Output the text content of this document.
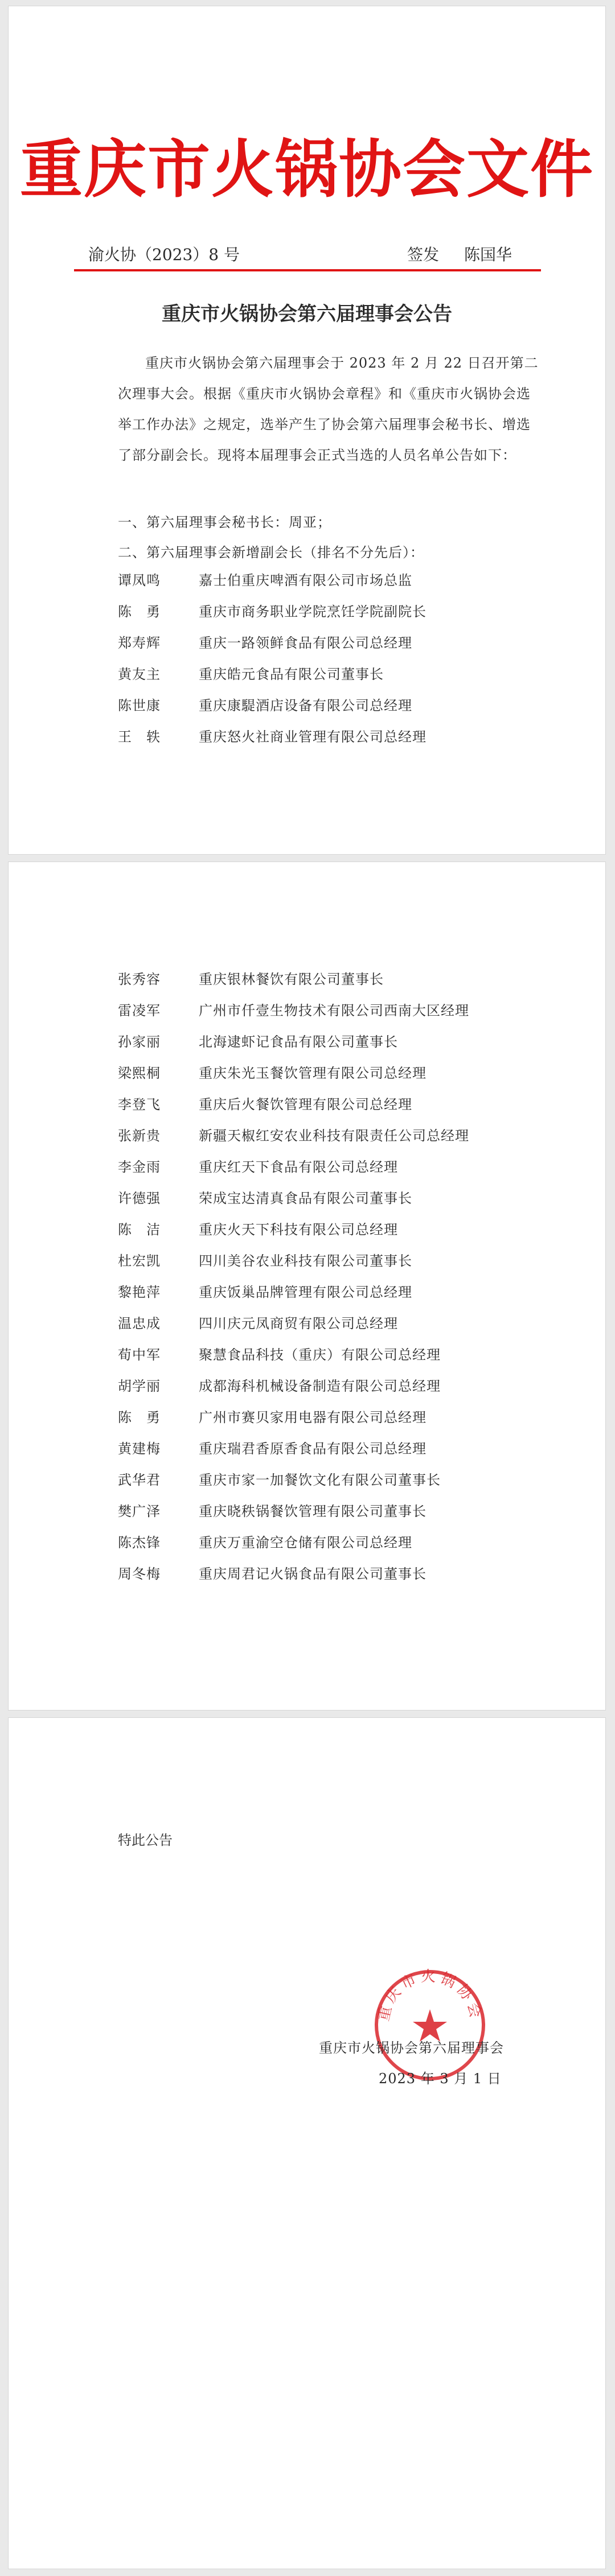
重庆市火锅协会文件
渝火协（2023）8 号	签发 陈国华
重庆市火锅协会第六届理事会公告

重庆市火锅协会第六届理事会于 2023 年 2 月 22 日召开第二次理事大会。根据《重庆市火锅协会章程》和《重庆市火锅协会选举工作办法》之规定，选举产生了协会第六届理事会秘书长、增选了部分副会长。现将本届理事会正式当选的人员名单公告如下：

一、第六届理事会秘书长：周亚；
二、第六届理事会新增副会长（排名不分先后）：
谭凤鸣	嘉士伯重庆啤酒有限公司市场总监
陈　勇	重庆市商务职业学院烹饪学院副院长
郑寿辉	重庆一路领鲜食品有限公司总经理
黄友主	重庆皓元食品有限公司董事长
陈世康	重庆康騠酒店设备有限公司总经理
王　轶	重庆怒火社商业管理有限公司总经理
张秀容	重庆银林餐饮有限公司董事长
雷凌军	广州市仟壹生物技术有限公司西南大区经理
孙家丽	北海逮虾记食品有限公司董事长
梁熙桐	重庆朱光玉餐饮管理有限公司总经理
李登飞	重庆后火餐饮管理有限公司总经理
张新贵	新疆天椒红安农业科技有限责任公司总经理
李金雨	重庆红天下食品有限公司总经理
许德强	荣成宝达清真食品有限公司董事长
陈　洁	重庆火天下科技有限公司总经理
杜宏凯	四川美谷农业科技有限公司董事长
黎艳萍	重庆饭巢品牌管理有限公司总经理
温忠成	四川庆元凤商贸有限公司总经理
荀中军	聚慧食品科技（重庆）有限公司总经理
胡学丽	成都海科机械设备制造有限公司总经理
陈　勇	广州市赛贝家用电器有限公司总经理
黄建梅	重庆瑞君香原香食品有限公司总经理
武华君	重庆市家一加餐饮文化有限公司董事长
樊广泽	重庆晓秩锅餐饮管理有限公司董事长
陈杰锋	重庆万重渝空仓储有限公司总经理
周冬梅	重庆周君记火锅食品有限公司董事长
特此公告
重庆市火锅协会
重庆市火锅协会第六届理事会
2023 年 3 月 1 日
